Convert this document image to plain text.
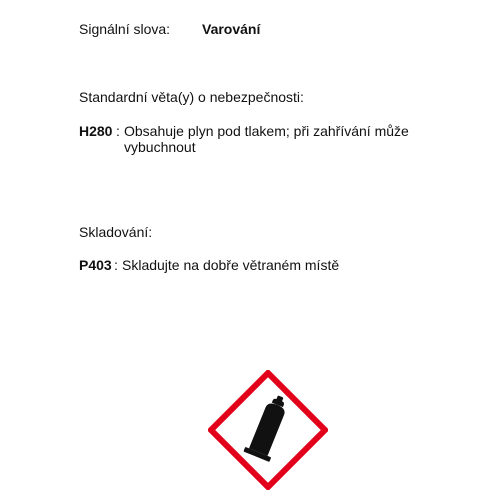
Signální slova: Varování
Standardní věta(y) o nebezpečnosti:
H280 : Obsahuje plyn pod tlakem; při zahřívání může vybuchnout
Skladování:
P403 : Skladujte na dobře větraném místě
